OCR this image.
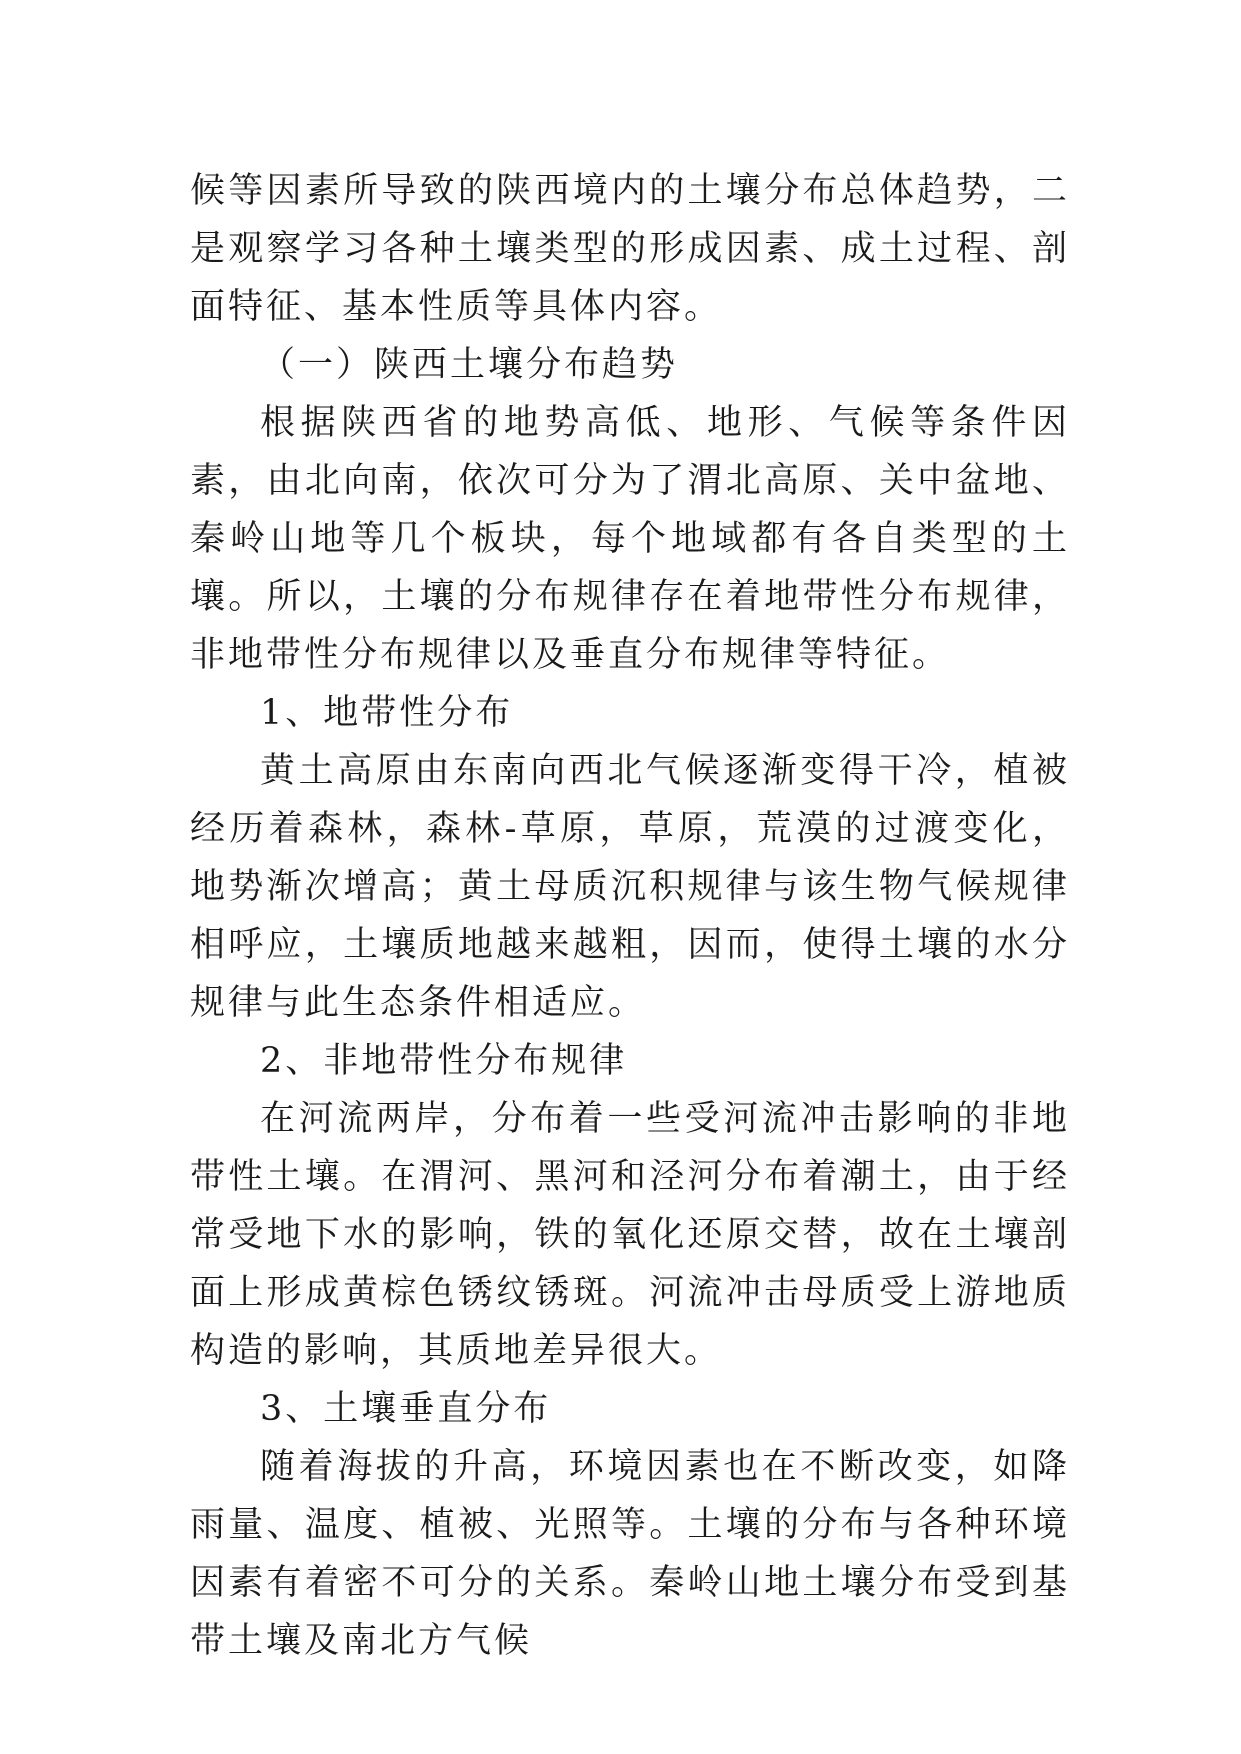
候等因素所导致的陕西境内的土壤分布总体趋势，二是观察学习各种土壤类型的形成因素、成土过程、剖面特征、基本性质等具体内容。

（一）陕西土壤分布趋势

根据陕西省的地势高低、地形、气候等条件因素，由北向南，依次可分为了渭北高原、关中盆地、秦岭山地等几个板块，每个地域都有各自类型的土壤。所以，土壤的分布规律存在着地带性分布规律，非地带性分布规律以及垂直分布规律等特征。

1、地带性分布

黄土高原由东南向西北气候逐渐变得干冷，植被经历着森林，森林-草原，草原，荒漠的过渡变化，地势渐次增高；黄土母质沉积规律与该生物气候规律相呼应，土壤质地越来越粗，因而，使得土壤的水分规律与此生态条件相适应。

2、非地带性分布规律

在河流两岸，分布着一些受河流冲击影响的非地带性土壤。在渭河、黑河和泾河分布着潮土，由于经常受地下水的影响，铁的氧化还原交替，故在土壤剖面上形成黄棕色锈纹锈斑。河流冲击母质受上游地质构造的影响，其质地差异很大。

3、土壤垂直分布

随着海拔的升高，环境因素也在不断改变，如降雨量、温度、植被、光照等。土壤的分布与各种环境因素有着密不可分的关系。秦岭山地土壤分布受到基带土壤及南北方气候
